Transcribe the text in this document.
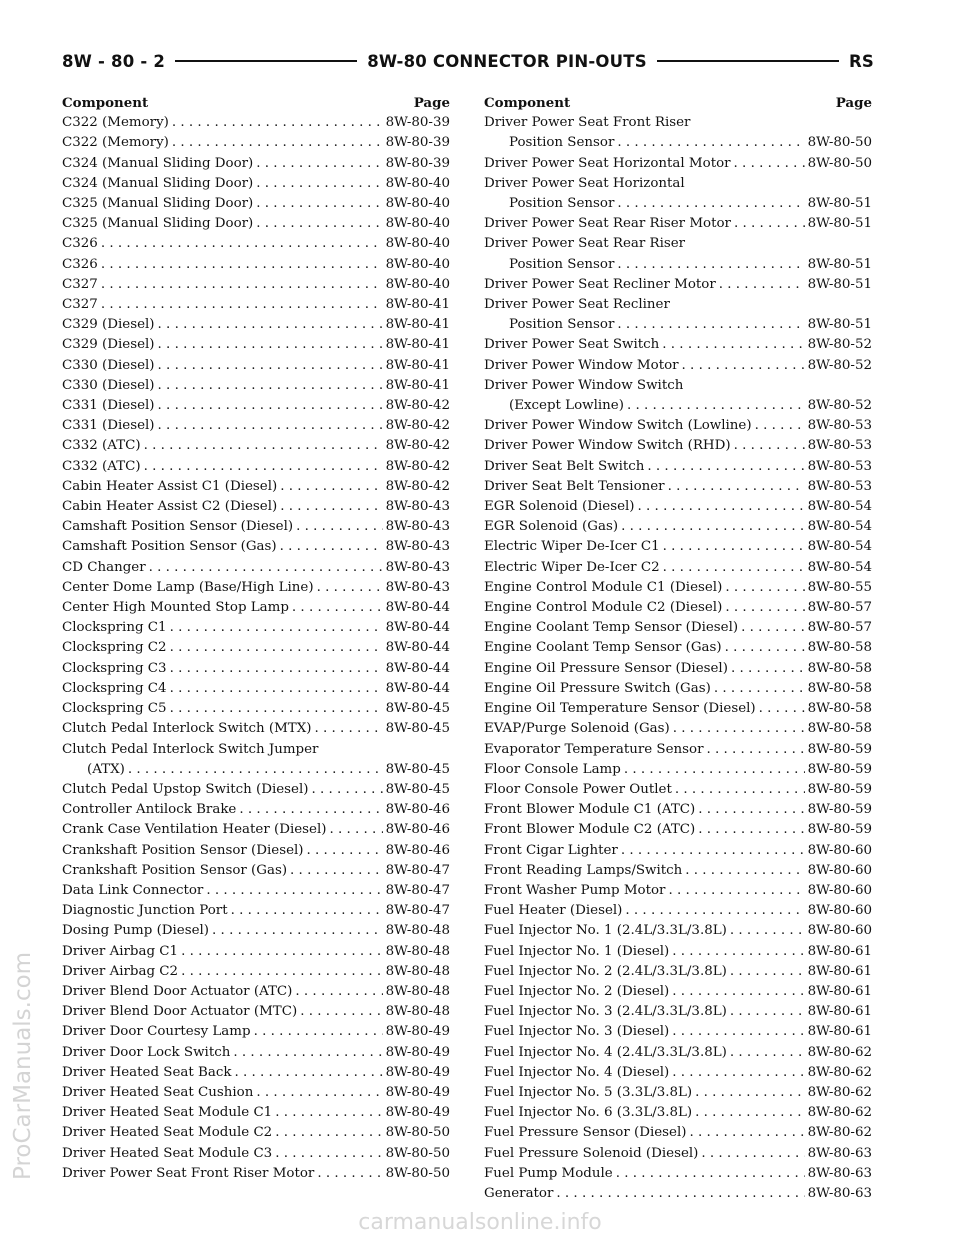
8W - 80 - 2	8W-80 CONNECTOR PIN-OUTS	RS
Component	Page
C322 (Memory) . . .	8W-80-39
C322 (Memory) . . .	8W-80-39
C324 (Manual Sliding Door) . . .	8W-80-39
C324 (Manual Sliding Door) . . .	8W-80-40
C325 (Manual Sliding Door) . . .	8W-80-40
C325 (Manual Sliding Door) . . .	8W-80-40
C326 . . .	8W-80-40
C326 . . .	8W-80-40
C327 . . .	8W-80-40
C327 . . .	8W-80-41
C329 (Diesel) . . .	8W-80-41
C329 (Diesel) . . .	8W-80-41
C330 (Diesel) . . .	8W-80-41
C330 (Diesel) . . .	8W-80-41
C331 (Diesel) . . .	8W-80-42
C331 (Diesel) . . .	8W-80-42
C332 (ATC) . . .	8W-80-42
C332 (ATC) . . .	8W-80-42
Cabin Heater Assist C1 (Diesel) . . .	8W-80-42
Cabin Heater Assist C2 (Diesel) . . .	8W-80-43
Camshaft Position Sensor (Diesel) . . .	8W-80-43
Camshaft Position Sensor (Gas) . . .	8W-80-43
CD Changer . . .	8W-80-43
Center Dome Lamp (Base/High Line) . . .	8W-80-43
Center High Mounted Stop Lamp . . .	8W-80-44
Clockspring C1 . . .	8W-80-44
Clockspring C2 . . .	8W-80-44
Clockspring C3 . . .	8W-80-44
Clockspring C4 . . .	8W-80-44
Clockspring C5 . . .	8W-80-45
Clutch Pedal Interlock Switch (MTX) . . .	8W-80-45
Clutch Pedal Interlock Switch Jumper
(ATX) . . .	8W-80-45
Clutch Pedal Upstop Switch (Diesel) . . .	8W-80-45
Controller Antilock Brake . . .	8W-80-46
Crank Case Ventilation Heater (Diesel) . . .	8W-80-46
Crankshaft Position Sensor (Diesel) . . .	8W-80-46
Crankshaft Position Sensor (Gas) . . .	8W-80-47
Data Link Connector . . .	8W-80-47
Diagnostic Junction Port . . .	8W-80-47
Dosing Pump (Diesel) . . .	8W-80-48
Driver Airbag C1 . . .	8W-80-48
Driver Airbag C2 . . .	8W-80-48
Driver Blend Door Actuator (ATC) . . .	8W-80-48
Driver Blend Door Actuator (MTC) . . .	8W-80-48
Driver Door Courtesy Lamp . . .	8W-80-49
Driver Door Lock Switch . . .	8W-80-49
Driver Heated Seat Back . . .	8W-80-49
Driver Heated Seat Cushion . . .	8W-80-49
Driver Heated Seat Module C1 . . .	8W-80-49
Driver Heated Seat Module C2 . . .	8W-80-50
Driver Heated Seat Module C3 . . .	8W-80-50
Driver Power Seat Front Riser Motor . . .	8W-80-50
Component	Page
Driver Power Seat Front Riser
Position Sensor . . .	8W-80-50
Driver Power Seat Horizontal Motor . . .	8W-80-50
Driver Power Seat Horizontal
Position Sensor . . .	8W-80-51
Driver Power Seat Rear Riser Motor . . .	8W-80-51
Driver Power Seat Rear Riser
Position Sensor . . .	8W-80-51
Driver Power Seat Recliner Motor . . .	8W-80-51
Driver Power Seat Recliner
Position Sensor . . .	8W-80-51
Driver Power Seat Switch . . .	8W-80-52
Driver Power Window Motor . . .	8W-80-52
Driver Power Window Switch
(Except Lowline) . . .	8W-80-52
Driver Power Window Switch (Lowline) . . .	8W-80-53
Driver Power Window Switch (RHD) . . .	8W-80-53
Driver Seat Belt Switch . . .	8W-80-53
Driver Seat Belt Tensioner . . .	8W-80-53
EGR Solenoid (Diesel) . . .	8W-80-54
EGR Solenoid (Gas) . . .	8W-80-54
Electric Wiper De-Icer C1 . . .	8W-80-54
Electric Wiper De-Icer C2 . . .	8W-80-54
Engine Control Module C1 (Diesel) . . .	8W-80-55
Engine Control Module C2 (Diesel) . . .	8W-80-57
Engine Coolant Temp Sensor (Diesel) . . .	8W-80-57
Engine Coolant Temp Sensor (Gas) . . .	8W-80-58
Engine Oil Pressure Sensor (Diesel) . . .	8W-80-58
Engine Oil Pressure Switch (Gas) . . .	8W-80-58
Engine Oil Temperature Sensor (Diesel) . . .	8W-80-58
EVAP/Purge Solenoid (Gas) . . .	8W-80-58
Evaporator Temperature Sensor . . .	8W-80-59
Floor Console Lamp . . .	8W-80-59
Floor Console Power Outlet . . .	8W-80-59
Front Blower Module C1 (ATC) . . .	8W-80-59
Front Blower Module C2 (ATC) . . .	8W-80-59
Front Cigar Lighter . . .	8W-80-60
Front Reading Lamps/Switch . . .	8W-80-60
Front Washer Pump Motor . . .	8W-80-60
Fuel Heater (Diesel) . . .	8W-80-60
Fuel Injector No. 1 (2.4L/3.3L/3.8L) . . .	8W-80-60
Fuel Injector No. 1 (Diesel) . . .	8W-80-61
Fuel Injector No. 2 (2.4L/3.3L/3.8L) . . .	8W-80-61
Fuel Injector No. 2 (Diesel) . . .	8W-80-61
Fuel Injector No. 3 (2.4L/3.3L/3.8L) . . .	8W-80-61
Fuel Injector No. 3 (Diesel) . . .	8W-80-61
Fuel Injector No. 4 (2.4L/3.3L/3.8L) . . .	8W-80-62
Fuel Injector No. 4 (Diesel) . . .	8W-80-62
Fuel Injector No. 5 (3.3L/3.8L) . . .	8W-80-62
Fuel Injector No. 6 (3.3L/3.8L) . . .	8W-80-62
Fuel Pressure Sensor (Diesel) . . .	8W-80-62
Fuel Pressure Solenoid (Diesel) . . .	8W-80-63
Fuel Pump Module . . .	8W-80-63
Generator . . .	8W-80-63
ProCarManuals.com
carmanualsonline.info
